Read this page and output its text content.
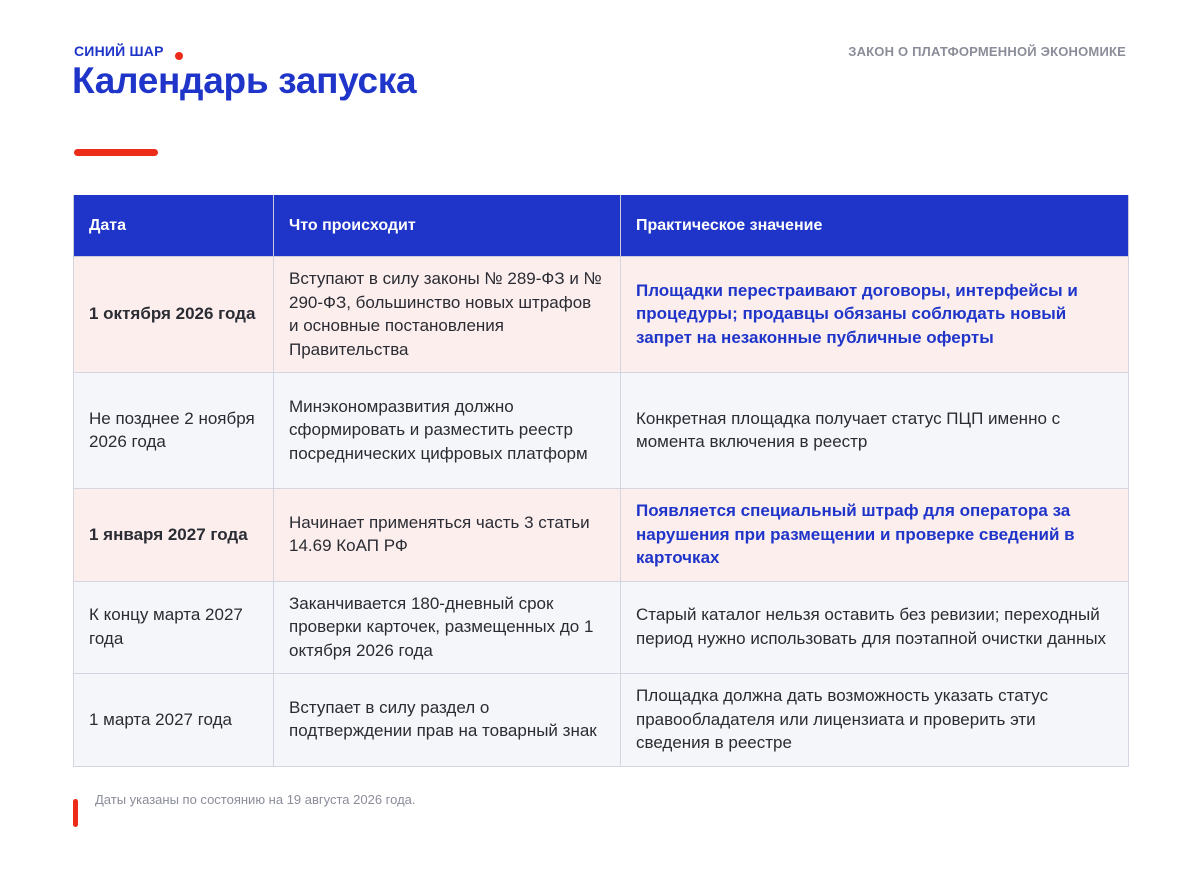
СИНИЙ ШАР	ЗАКОН О ПЛАТФОРМЕННОЙ ЭКОНОМИКЕ
Календарь запуска
Дата	Что происходит	Практическое значение
1 октября 2026 года	Вступают в силу законы № 289-ФЗ и № 290-ФЗ, большинство новых штрафов и основные постановления Правительства	Площадки перестраивают договоры, интерфейсы и процедуры; продавцы обязаны соблюдать новый запрет на незаконные публичные оферты
Не позднее 2 ноября 2026 года	Минэкономразвития должно сформировать и разместить реестр посреднических цифровых платформ	Конкретная площадка получает статус ПЦП именно с момента включения в реестр
1 января 2027 года	Начинает применяться часть 3 статьи 14.69 КоАП РФ	Появляется специальный штраф для оператора за нарушения при размещении и проверке сведений в карточках
К концу марта 2027 года	Заканчивается 180-дневный срок проверки карточек, размещенных до 1 октября 2026 года	Старый каталог нельзя оставить без ревизии; переходный период нужно использовать для поэтапной очистки данных
1 марта 2027 года	Вступает в силу раздел о подтверждении прав на товарный знак	Площадка должна дать возможность указать статус правообладателя или лицензиата и проверить эти сведения в реестре
Даты указаны по состоянию на 19 августа 2026 года.
